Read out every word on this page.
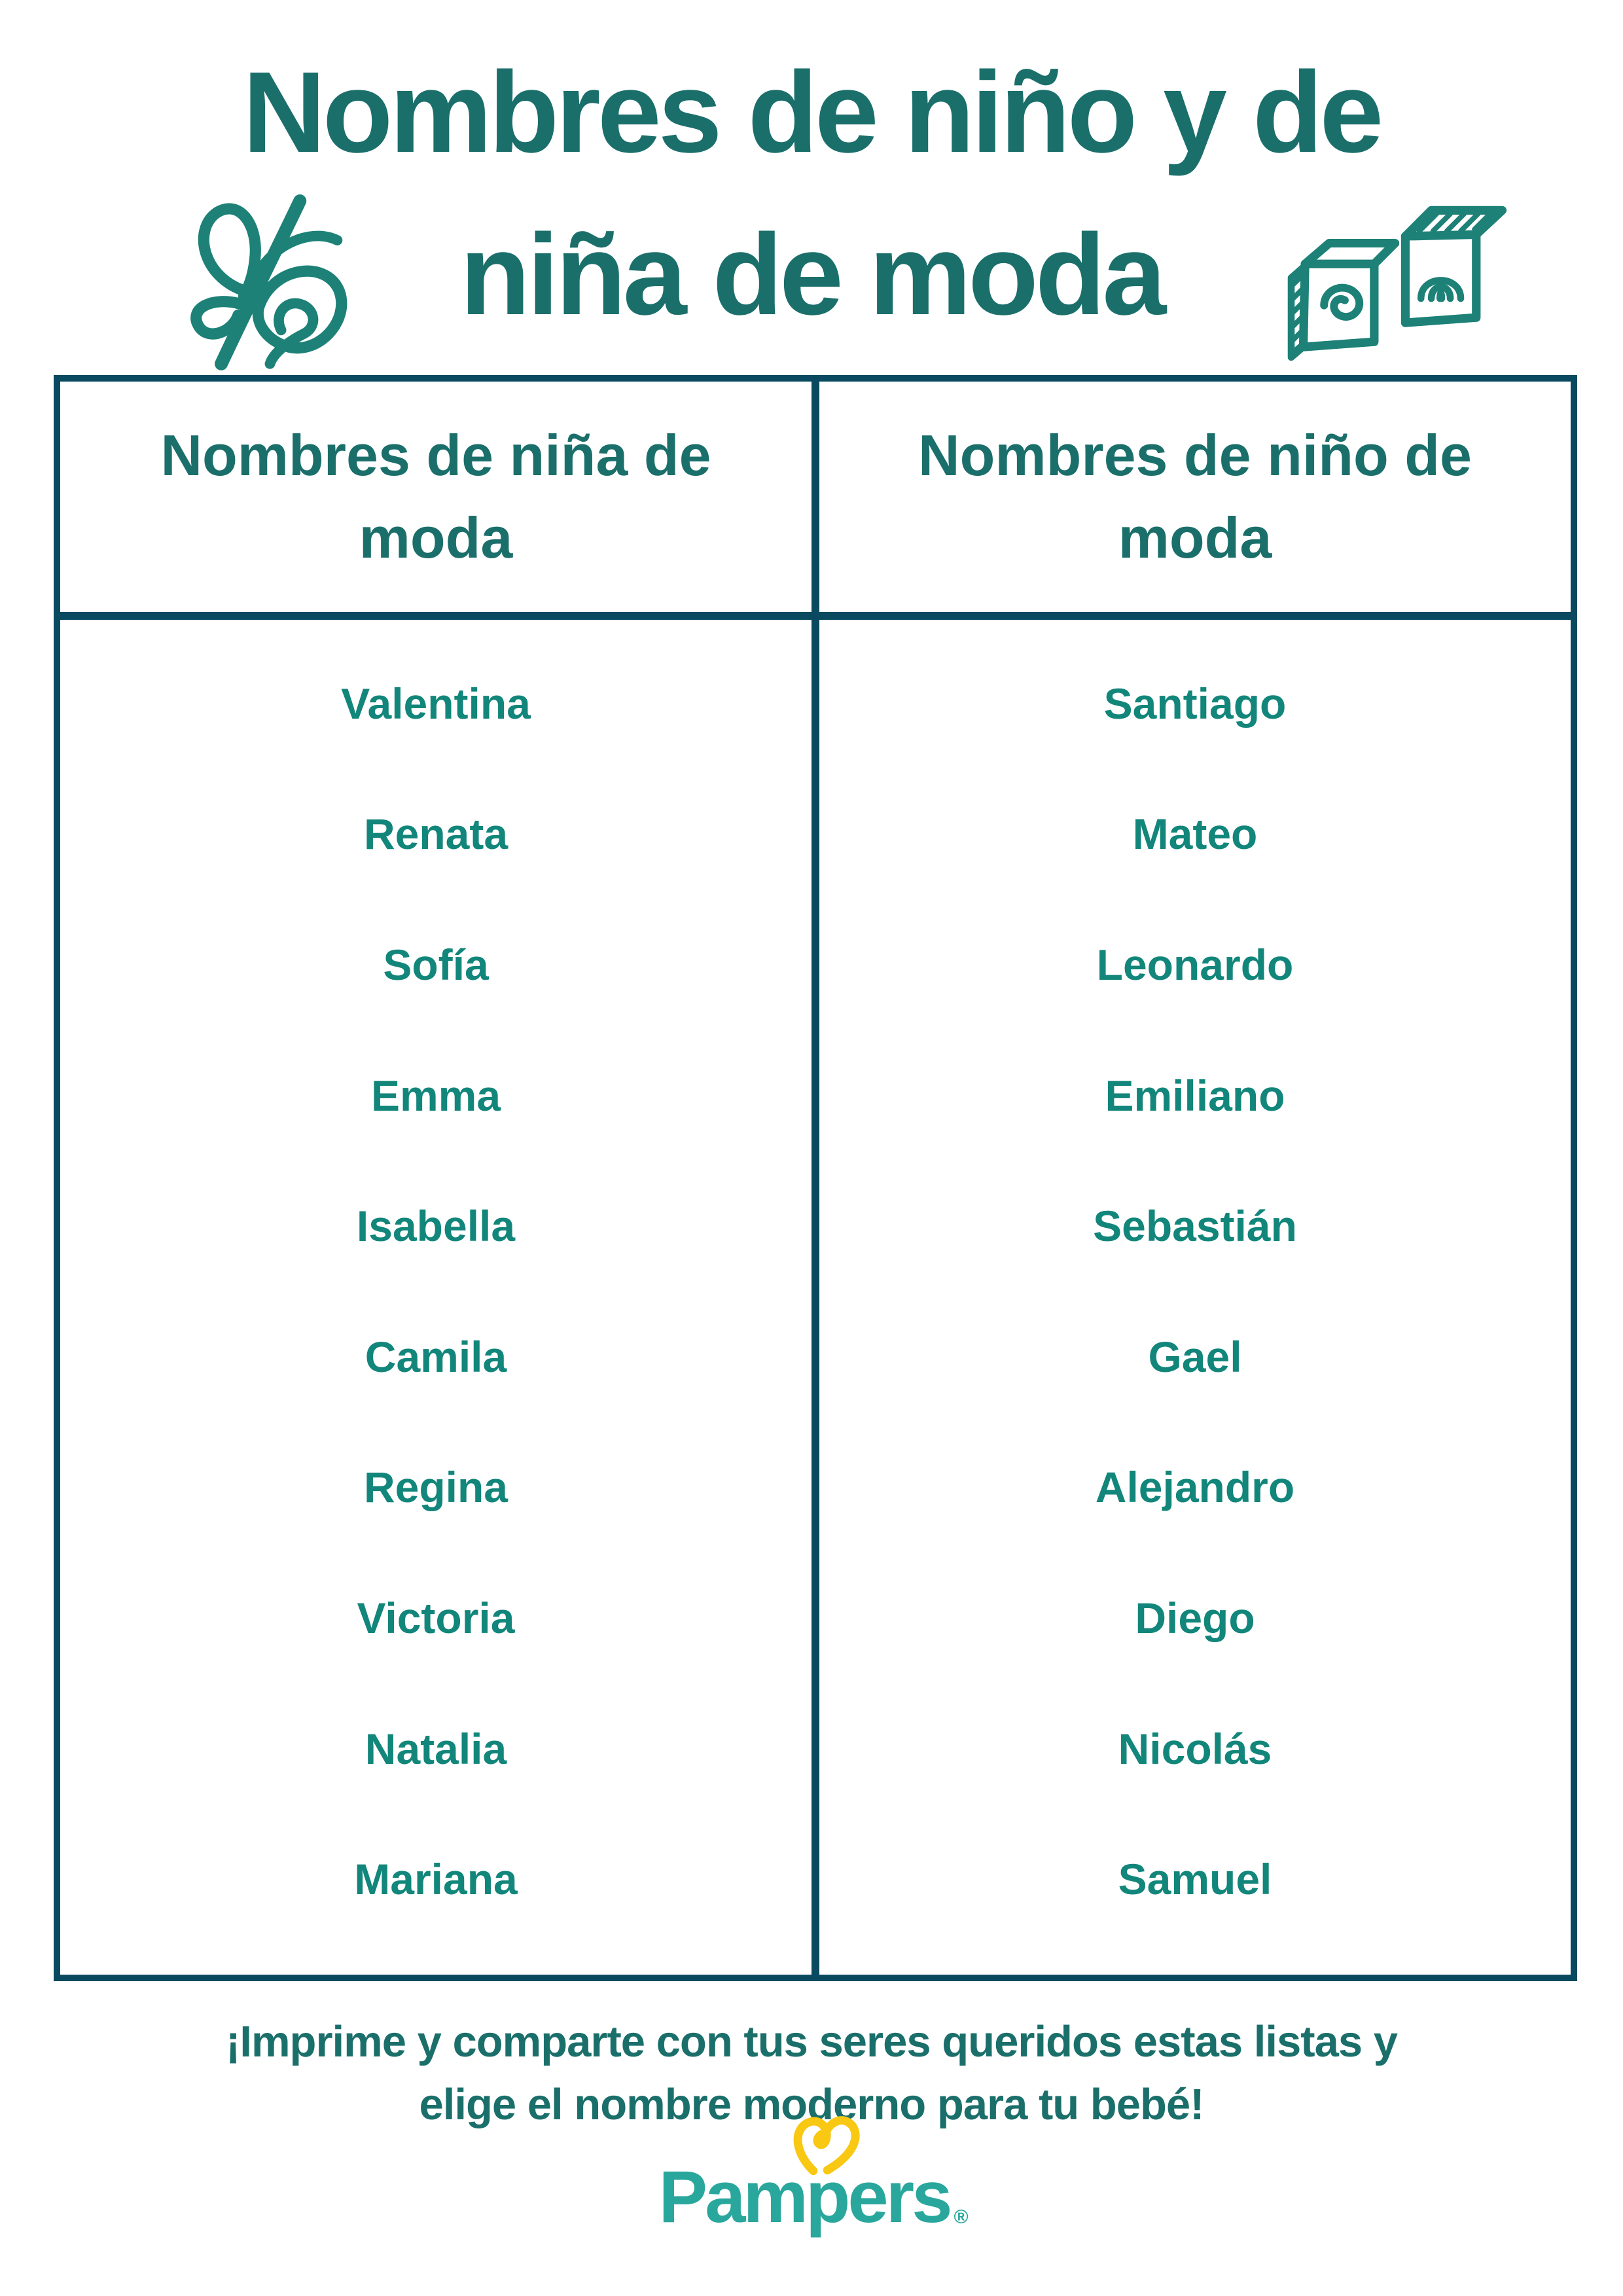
Nombres de niño y de
niña de moda
Nombres de niña de moda
Nombres de niño de moda
Valentina
Renata
Sofía
Emma
Isabella
Camila
Regina
Victoria
Natalia
Mariana
Santiago
Mateo
Leonardo
Emiliano
Sebastián
Gael
Alejandro
Diego
Nicolás
Samuel
¡Imprime y comparte con tus seres queridos estas listas y
elige el nombre moderno para tu bebé!
Pampers ®
